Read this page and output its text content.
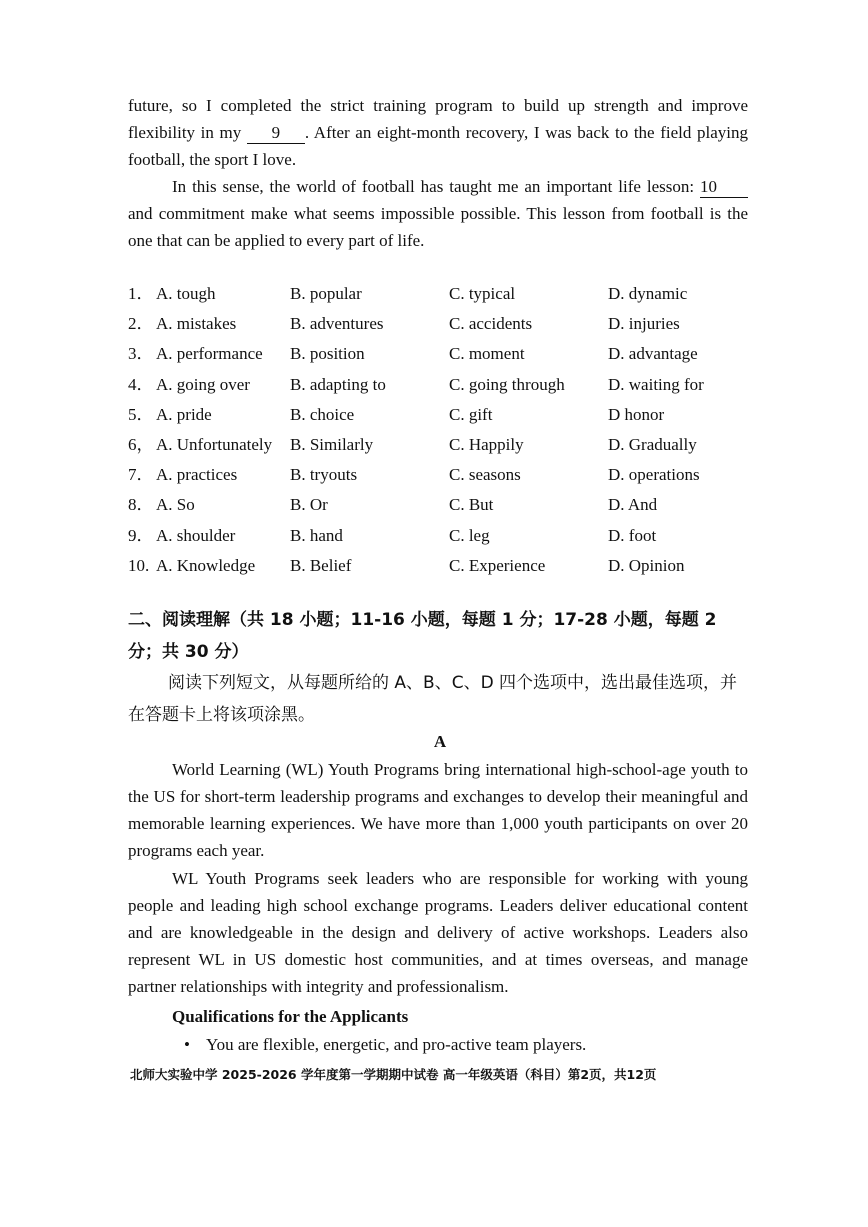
future, so I completed the strict training program to build up strength and improve flexibility in my 9 . After an eight-month recovery, I was back to the field playing football, the sport I love.

In this sense, the world of football has taught me an important life lesson: 10 and commitment make what seems impossible possible. This lesson from football is the one that can be applied to every part of life.

1． A. tough	B. popular	C. typical	D. dynamic
2． A. mistakes	B. adventures	C. accidents	D. injuries
3． A. performance B. position	C. moment	D. advantage
4． A. going over B. adapting to	C. going through	D. waiting for
5． A. pride	B. choice	C. gift	D honor
6， A. Unfortunately B. Similarly	C. Happily	D. Gradually
7． A. practices	B. tryouts	C. seasons	D. operations
8． A. So	B. Or	C. But	D. And
9． A. shoulder	B. hand	C. leg	D. foot
10. A. Knowledge B. Belief	C. Experience	D. Opinion

二、阅读理解（共 18 小题；11-16 小题，每题 1 分；17-28 小题，每题 2 分；共 30 分）

阅读下列短文，从每题所给的 A、B、C、D 四个选项中，选出最佳选项，并在答题卡上将该项涂黑。

A

World Learning (WL) Youth Programs bring international high-school-age youth to the US for short-term leadership programs and exchanges to develop their meaningful and memorable learning experiences. We have more than 1,000 youth participants on over 20 programs each year.

WL Youth Programs seek leaders who are responsible for working with young people and leading high school exchange programs. Leaders deliver educational content and are knowledgeable in the design and delivery of active workshops. Leaders also represent WL in US domestic host communities, and at times overseas, and manage partner relationships with integrity and professionalism.

Qualifications for the Applicants
• You are flexible, energetic, and pro-active team players.
北师大实验中学 2025-2026 学年度第一学期期中试卷 高一年级英语（科目）第2页，共12页
